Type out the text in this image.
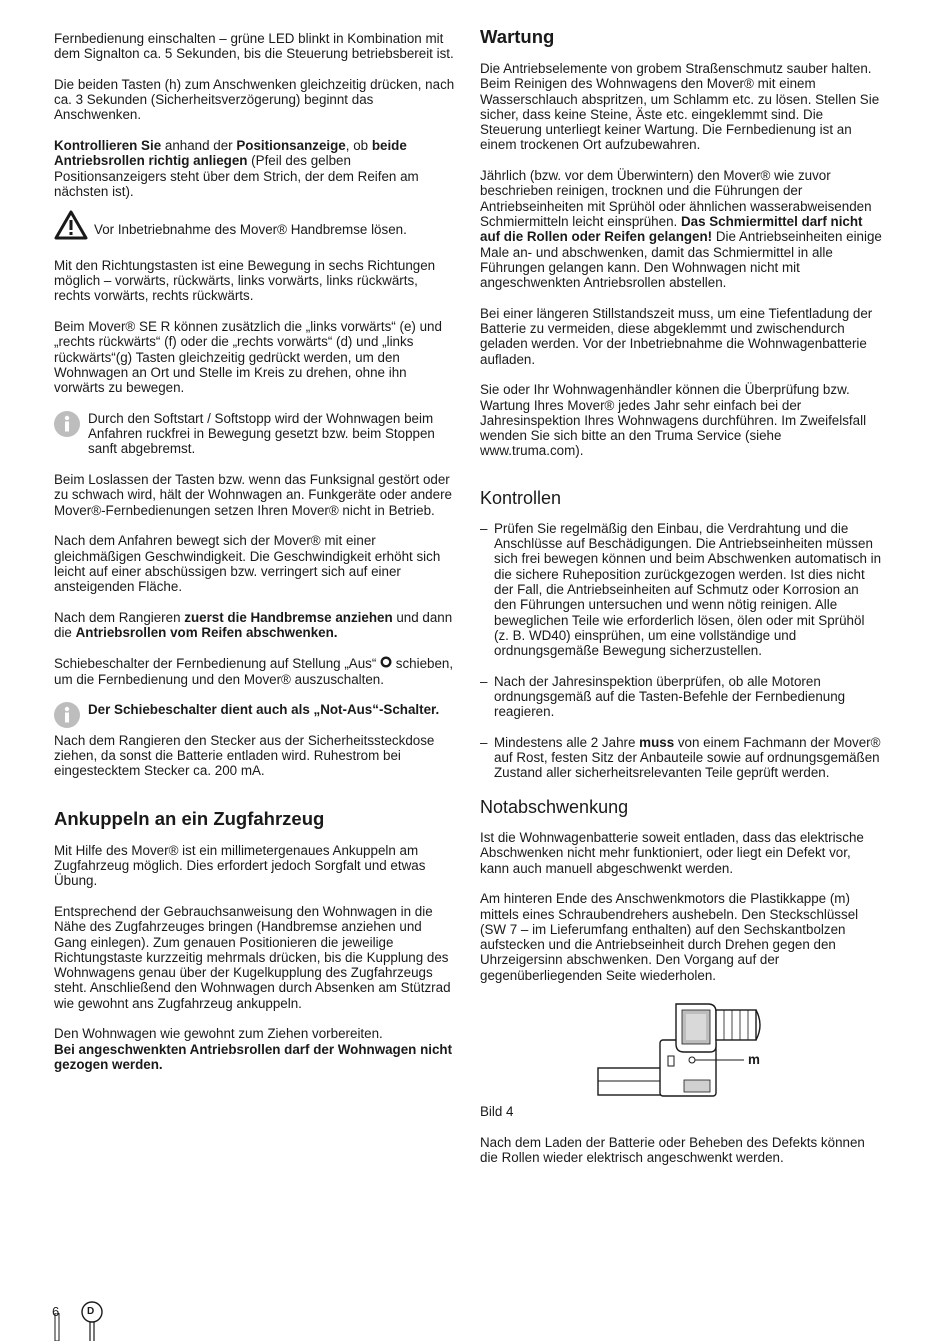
Fernbedienung einschalten – grüne LED blinkt in Kombination mit dem Signalton ca. 5 Sekunden, bis die Steuerung betriebsbereit ist.

Die beiden Tasten (h) zum Anschwenken gleichzeitig drücken, nach ca. 3 Sekunden (Sicherheitsverzögerung) beginnt das Anschwenken.

Kontrollieren Sie anhand der Positionsanzeige, ob beide Antriebsrollen richtig anliegen (Pfeil des gelben Positionsanzeigers steht über dem Strich, der dem Reifen am nächsten ist).

Vor Inbetriebnahme des Mover® Handbremse lösen.

Mit den Richtungstasten ist eine Bewegung in sechs Richtungen möglich – vorwärts, rückwärts, links vorwärts, links rückwärts, rechts vorwärts, rechts rückwärts.

Beim Mover® SE R können zusätzlich die „links vorwärts“ (e) und „rechts rückwärts“ (f) oder die „rechts vorwärts“ (d) und „links rückwärts“(g) Tasten gleichzeitig gedrückt werden, um den Wohnwagen an Ort und Stelle im Kreis zu drehen, ohne ihn vorwärts zu bewegen.

Durch den Softstart / Softstopp wird der Wohnwagen beim Anfahren ruckfrei in Bewegung gesetzt bzw. beim Stoppen sanft abgebremst.

Beim Loslassen der Tasten bzw. wenn das Funksignal gestört oder zu schwach wird, hält der Wohnwagen an. Funkgeräte oder andere Mover®-Fernbedienungen setzen Ihren Mover® nicht in Betrieb.

Nach dem Anfahren bewegt sich der Mover® mit einer gleichmäßigen Geschwindigkeit. Die Geschwindigkeit erhöht sich leicht auf einer abschüssigen bzw. verringert sich auf einer ansteigenden Fläche.

Nach dem Rangieren zuerst die Handbremse anziehen und dann die Antriebsrollen vom Reifen abschwenken.

Schiebeschalter der Fernbedienung auf Stellung „Aus“  schieben, um die Fernbedienung und den Mover® auszuschalten.

Der Schiebeschalter dient auch als „Not-Aus“-Schalter.

Nach dem Rangieren den Stecker aus der Sicherheitssteckdose ziehen, da sonst die Batterie entladen wird. Ruhestrom bei eingestecktem Stecker ca. 200 mA.

Ankuppeln an ein Zugfahrzeug

Mit Hilfe des Mover® ist ein millimetergenaues Ankuppeln am Zugfahrzeug möglich. Dies erfordert jedoch Sorgfalt und etwas Übung.

Entsprechend der Gebrauchsanweisung den Wohnwagen in die Nähe des Zugfahrzeuges bringen (Handbremse anziehen und Gang einlegen). Zum genauen Positionieren die jeweilige Richtungstaste kurzzeitig mehrmals drücken, bis die Kupplung des Wohnwagens genau über der Kugelkupplung des Zugfahrzeugs steht. Anschließend den Wohnwagen durch Absenken am Stützrad wie gewohnt ans Zugfahrzeug ankuppeln.

Den Wohnwagen wie gewohnt zum Ziehen vorbereiten.
Bei angeschwenkten Antriebsrollen darf der Wohnwagen nicht gezogen werden.

Wartung

Die Antriebselemente von grobem Straßenschmutz sauber halten. Beim Reinigen des Wohnwagens den Mover® mit einem Wasserschlauch abspritzen, um Schlamm etc. zu lösen. Stellen Sie sicher, dass keine Steine, Äste etc. eingeklemmt sind. Die Steuerung unterliegt keiner Wartung. Die Fernbedienung ist an einem trockenen Ort aufzubewahren.

Jährlich (bzw. vor dem Überwintern) den Mover® wie zuvor beschrieben reinigen, trocknen und die Führungen der Antriebseinheiten mit Sprühöl oder ähnlichen wasserabweisenden Schmiermitteln leicht einsprühen. Das Schmiermittel darf nicht auf die Rollen oder Reifen gelangen! Die Antriebseinheiten einige Male an- und abschwenken, damit das Schmiermittel in alle Führungen gelangen kann. Den Wohnwagen nicht mit angeschwenkten Antriebsrollen abstellen.

Bei einer längeren Stillstandszeit muss, um eine Tiefentladung der Batterie zu vermeiden, diese abgeklemmt und zwischendurch geladen werden. Vor der Inbetriebnahme die Wohnwagenbatterie aufladen.

Sie oder Ihr Wohnwagenhändler können die Überprüfung bzw. Wartung Ihres Mover® jedes Jahr sehr einfach bei der Jahresinspektion Ihres Wohnwagens durchführen. Im Zweifelsfall wenden Sie sich bitte an den Truma Service (siehe www.truma.com).

Kontrollen
– Prüfen Sie regelmäßig den Einbau, die Verdrahtung und die Anschlüsse auf Beschädigungen. Die Antriebseinheiten müssen sich frei bewegen können und beim Abschwenken automatisch in die sichere Ruheposition zurückgezogen werden. Ist dies nicht der Fall, die Antriebseinheiten auf Schmutz oder Korrosion an den Führungen untersuchen und wenn nötig reinigen. Alle beweglichen Teile wie erforderlich lösen, ölen oder mit Sprühöl (z. B. WD40) einsprühen, um eine vollständige und ordnungsgemäße Bewegung sicherzustellen.
– Nach der Jahresinspektion überprüfen, ob alle Motoren ordnungsgemäß auf die Tasten-Befehle der Fernbedienung reagieren.
– Mindestens alle 2 Jahre muss von einem Fachmann der Mover® auf Rost, festen Sitz der Anbauteile sowie auf ordnungsgemäßen Zustand aller sicherheitsrelevanten Teile geprüft werden.
Notabschwenkung

Ist die Wohnwagenbatterie soweit entladen, dass das elektrische Abschwenken nicht mehr funktioniert, oder liegt ein Defekt vor, kann auch manuell abgeschwenkt werden.

Am hinteren Ende des Anschwenkmotors die Plastikkappe (m) mittels eines Schraubendrehers aushebeln. Den Steckschlüssel (SW 7 – im Lieferumfang enthalten) auf den Sechskantbolzen aufstecken und die Antriebseinheit durch Drehen gegen den Uhrzeigersinn abschwenken. Den Vorgang auf der gegenüberliegenden Seite wiederholen.

m

Bild 4

Nach dem Laden der Batterie oder Beheben des Defekts können die Rollen wieder elektrisch angeschwenkt werden.

6	D
